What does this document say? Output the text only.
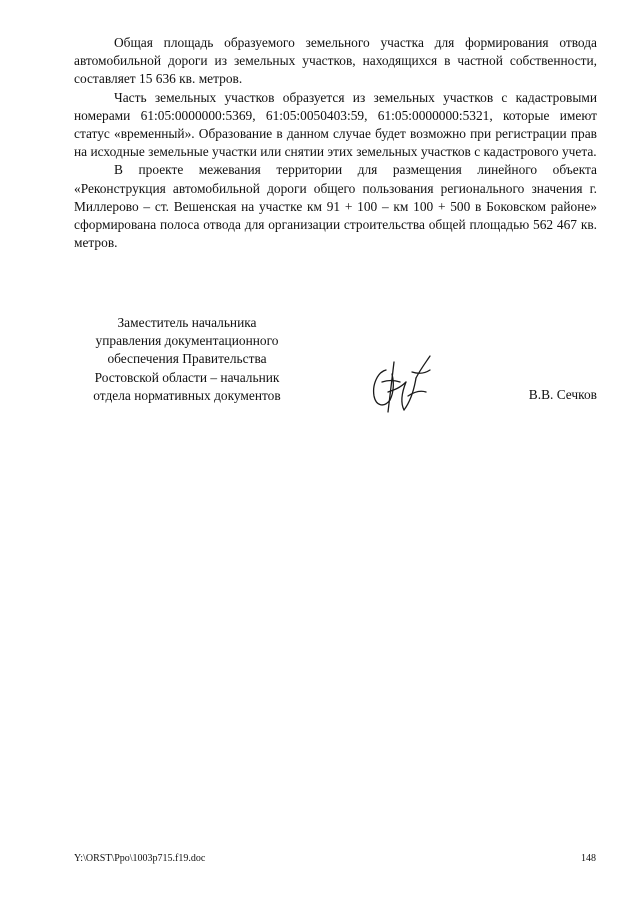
Общая площадь образуемого земельного участка для формирования отвода автомобильной дороги из земельных участков, находящихся в частной собственности, составляет 15 636 кв. метров.

Часть земельных участков образуется из земельных участков с кадастровыми номерами 61:05:0000000:5369, 61:05:0050403:59, 61:05:0000000:5321, которые имеют статус «временный». Образование в данном случае будет возможно при регистрации прав на исходные земельные участки или снятии этих земельных участков с кадастрового учета.

В проекте межевания территории для размещения линейного объекта «Реконструкция автомобильной дороги общего пользования регионального значения г. Миллерово – ст. Вешенская на участке км 91 + 100 – км 100 + 500 в Боковском районе» сформирована полоса отвода для организации строительства общей площадью 562 467 кв. метров.

Заместитель начальника
управления документационного
обеспечения Правительства
Ростовской области – начальник
отдела нормативных документов	В.В. Сечков
Y:\ORST\Ppo\1003p715.f19.doc	148
